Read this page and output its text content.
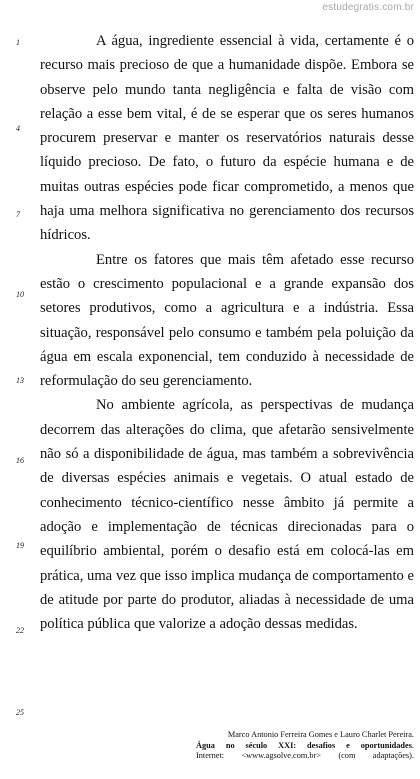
estudegratis.com.br
1
4
7
10
13
16
19
22
25

A água, ingrediente essencial à vida, certamente é o recurso mais precioso de que a humanidade dispõe. Embora se observe pelo mundo tanta negligência e falta de visão com relação a esse bem vital, é de se esperar que os seres humanos procurem preservar e manter os reservatórios naturais desse líquido precioso. De fato, o futuro da espécie humana e de muitas outras espécies pode ficar comprometido, a menos que haja uma melhora significativa no gerenciamento dos recursos hídricos.

Entre os fatores que mais têm afetado esse recurso estão o crescimento populacional e a grande expansão dos setores produtivos, como a agricultura e a indústria. Essa situação, responsável pelo consumo e também pela poluição da água em escala exponencial, tem conduzido à necessidade de reformulação do seu gerenciamento.

No ambiente agrícola, as perspectivas de mudança decorrem das alterações do clima, que afetarão sensivelmente não só a disponibilidade de água, mas também a sobrevivência de diversas espécies animais e vegetais. O atual estado de conhecimento técnico-científico nesse âmbito já permite a adoção e implementação de técnicas direcionadas para o equilíbrio ambiental, porém o desafio está em colocá-las em prática, uma vez que isso implica mudança de comportamento e de atitude por parte do produtor, aliadas à necessidade de uma política pública que valorize a adoção dessas medidas.

Marco Antonio Ferreira Gomes e Lauro Charlet Pereira.
Água no século XXI: desafios e oportunidades.
Internet: <www.agsolve.com.br> (com adaptações).
